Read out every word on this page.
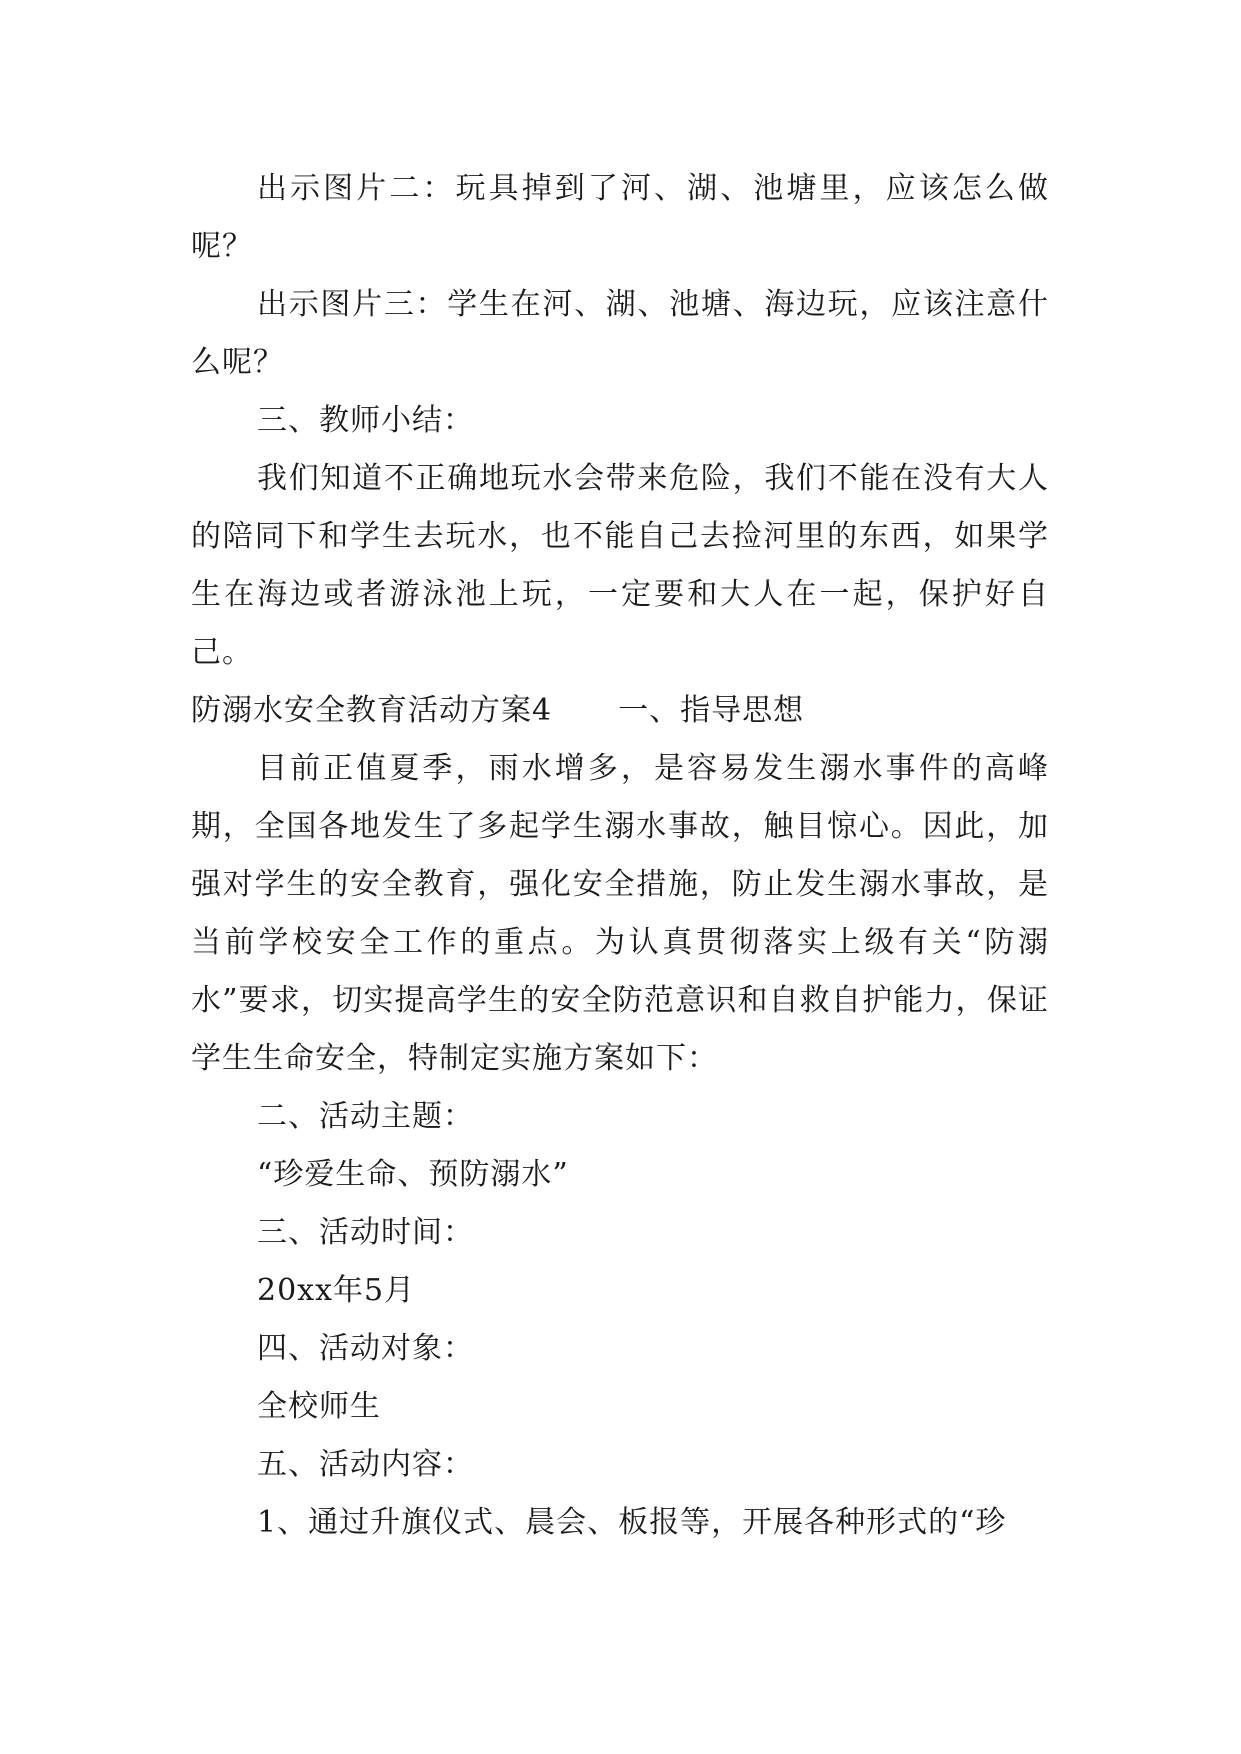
出示图片二：玩具掉到了河、湖、池塘里，应该怎么做呢？

出示图片三：学生在河、湖、池塘、海边玩，应该注意什么呢？

三、教师小结：

我们知道不正确地玩水会带来危险，我们不能在没有大人的陪同下和学生去玩水，也不能自己去捡河里的东西，如果学生在海边或者游泳池上玩，一定要和大人在一起，保护好自己。

防溺水安全教育活动方案4 一、指导思想

目前正值夏季，雨水增多，是容易发生溺水事件的高峰期，全国各地发生了多起学生溺水事故，触目惊心。因此，加强对学生的安全教育，强化安全措施，防止发生溺水事故，是当前学校安全工作的重点。为认真贯彻落实上级有关“防溺水”要求，切实提高学生的安全防范意识和自救自护能力，保证学生生命安全，特制定实施方案如下：

二、活动主题：

“珍爱生命、预防溺水”

三、活动时间：

20xx年5月

四、活动对象：

全校师生

五、活动内容：

1、通过升旗仪式、晨会、板报等，开展各种形式的“珍
